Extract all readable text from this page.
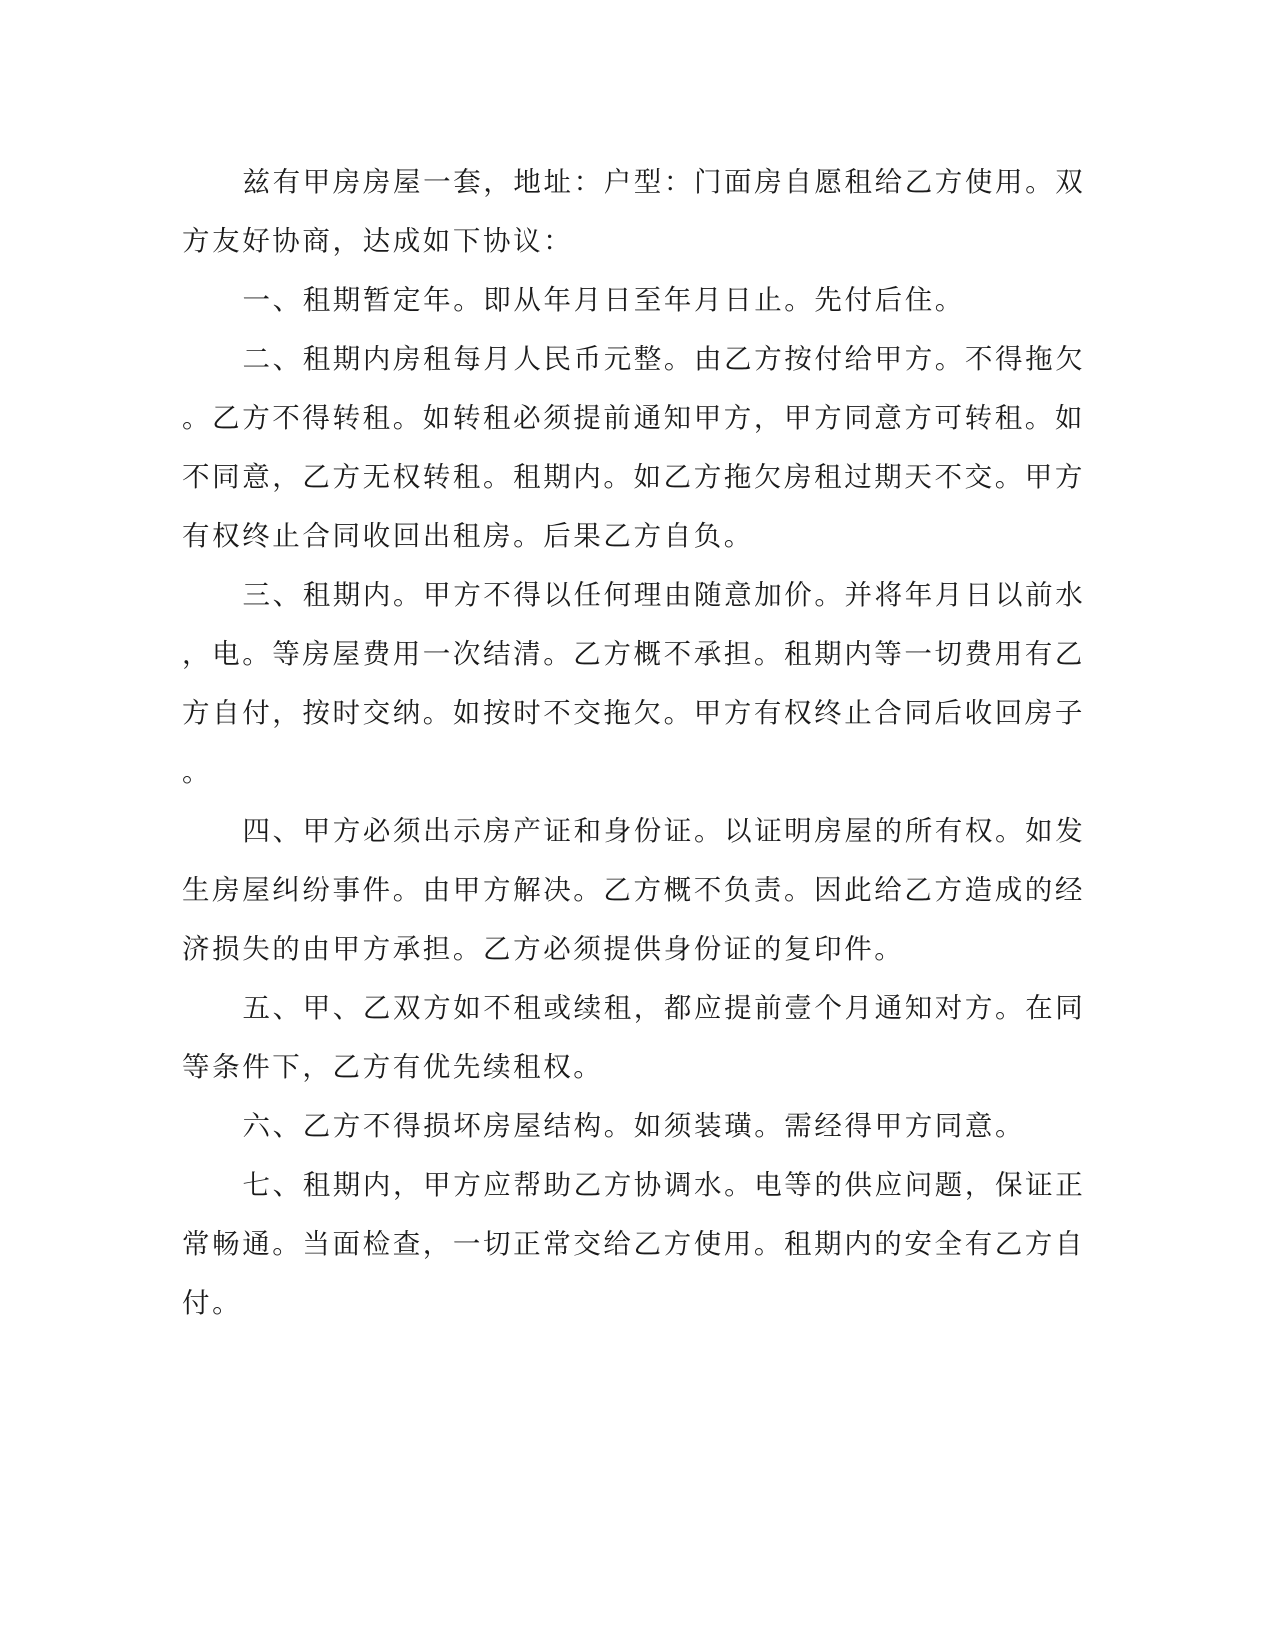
兹有甲房房屋一套，地址：户型：门面房自愿租给乙方使用。双
方友好协商，达成如下协议：

一、租期暂定年。即从年月日至年月日止。先付后住。

二、租期内房租每月人民币元整。由乙方按付给甲方。不得拖欠
。乙方不得转租。如转租必须提前通知甲方，甲方同意方可转租。如
不同意，乙方无权转租。租期内。如乙方拖欠房租过期天不交。甲方
有权终止合同收回出租房。后果乙方自负。

三、租期内。甲方不得以任何理由随意加价。并将年月日以前水
，电。等房屋费用一次结清。乙方概不承担。租期内等一切费用有乙
方自付，按时交纳。如按时不交拖欠。甲方有权终止合同后收回房子
。

四、甲方必须出示房产证和身份证。以证明房屋的所有权。如发
生房屋纠纷事件。由甲方解决。乙方概不负责。因此给乙方造成的经
济损失的由甲方承担。乙方必须提供身份证的复印件。

五、甲、乙双方如不租或续租，都应提前壹个月通知对方。在同
等条件下，乙方有优先续租权。

六、乙方不得损坏房屋结构。如须装璜。需经得甲方同意。

七、租期内，甲方应帮助乙方协调水。电等的供应问题，保证正
常畅通。当面检查，一切正常交给乙方使用。租期内的安全有乙方自
付。
